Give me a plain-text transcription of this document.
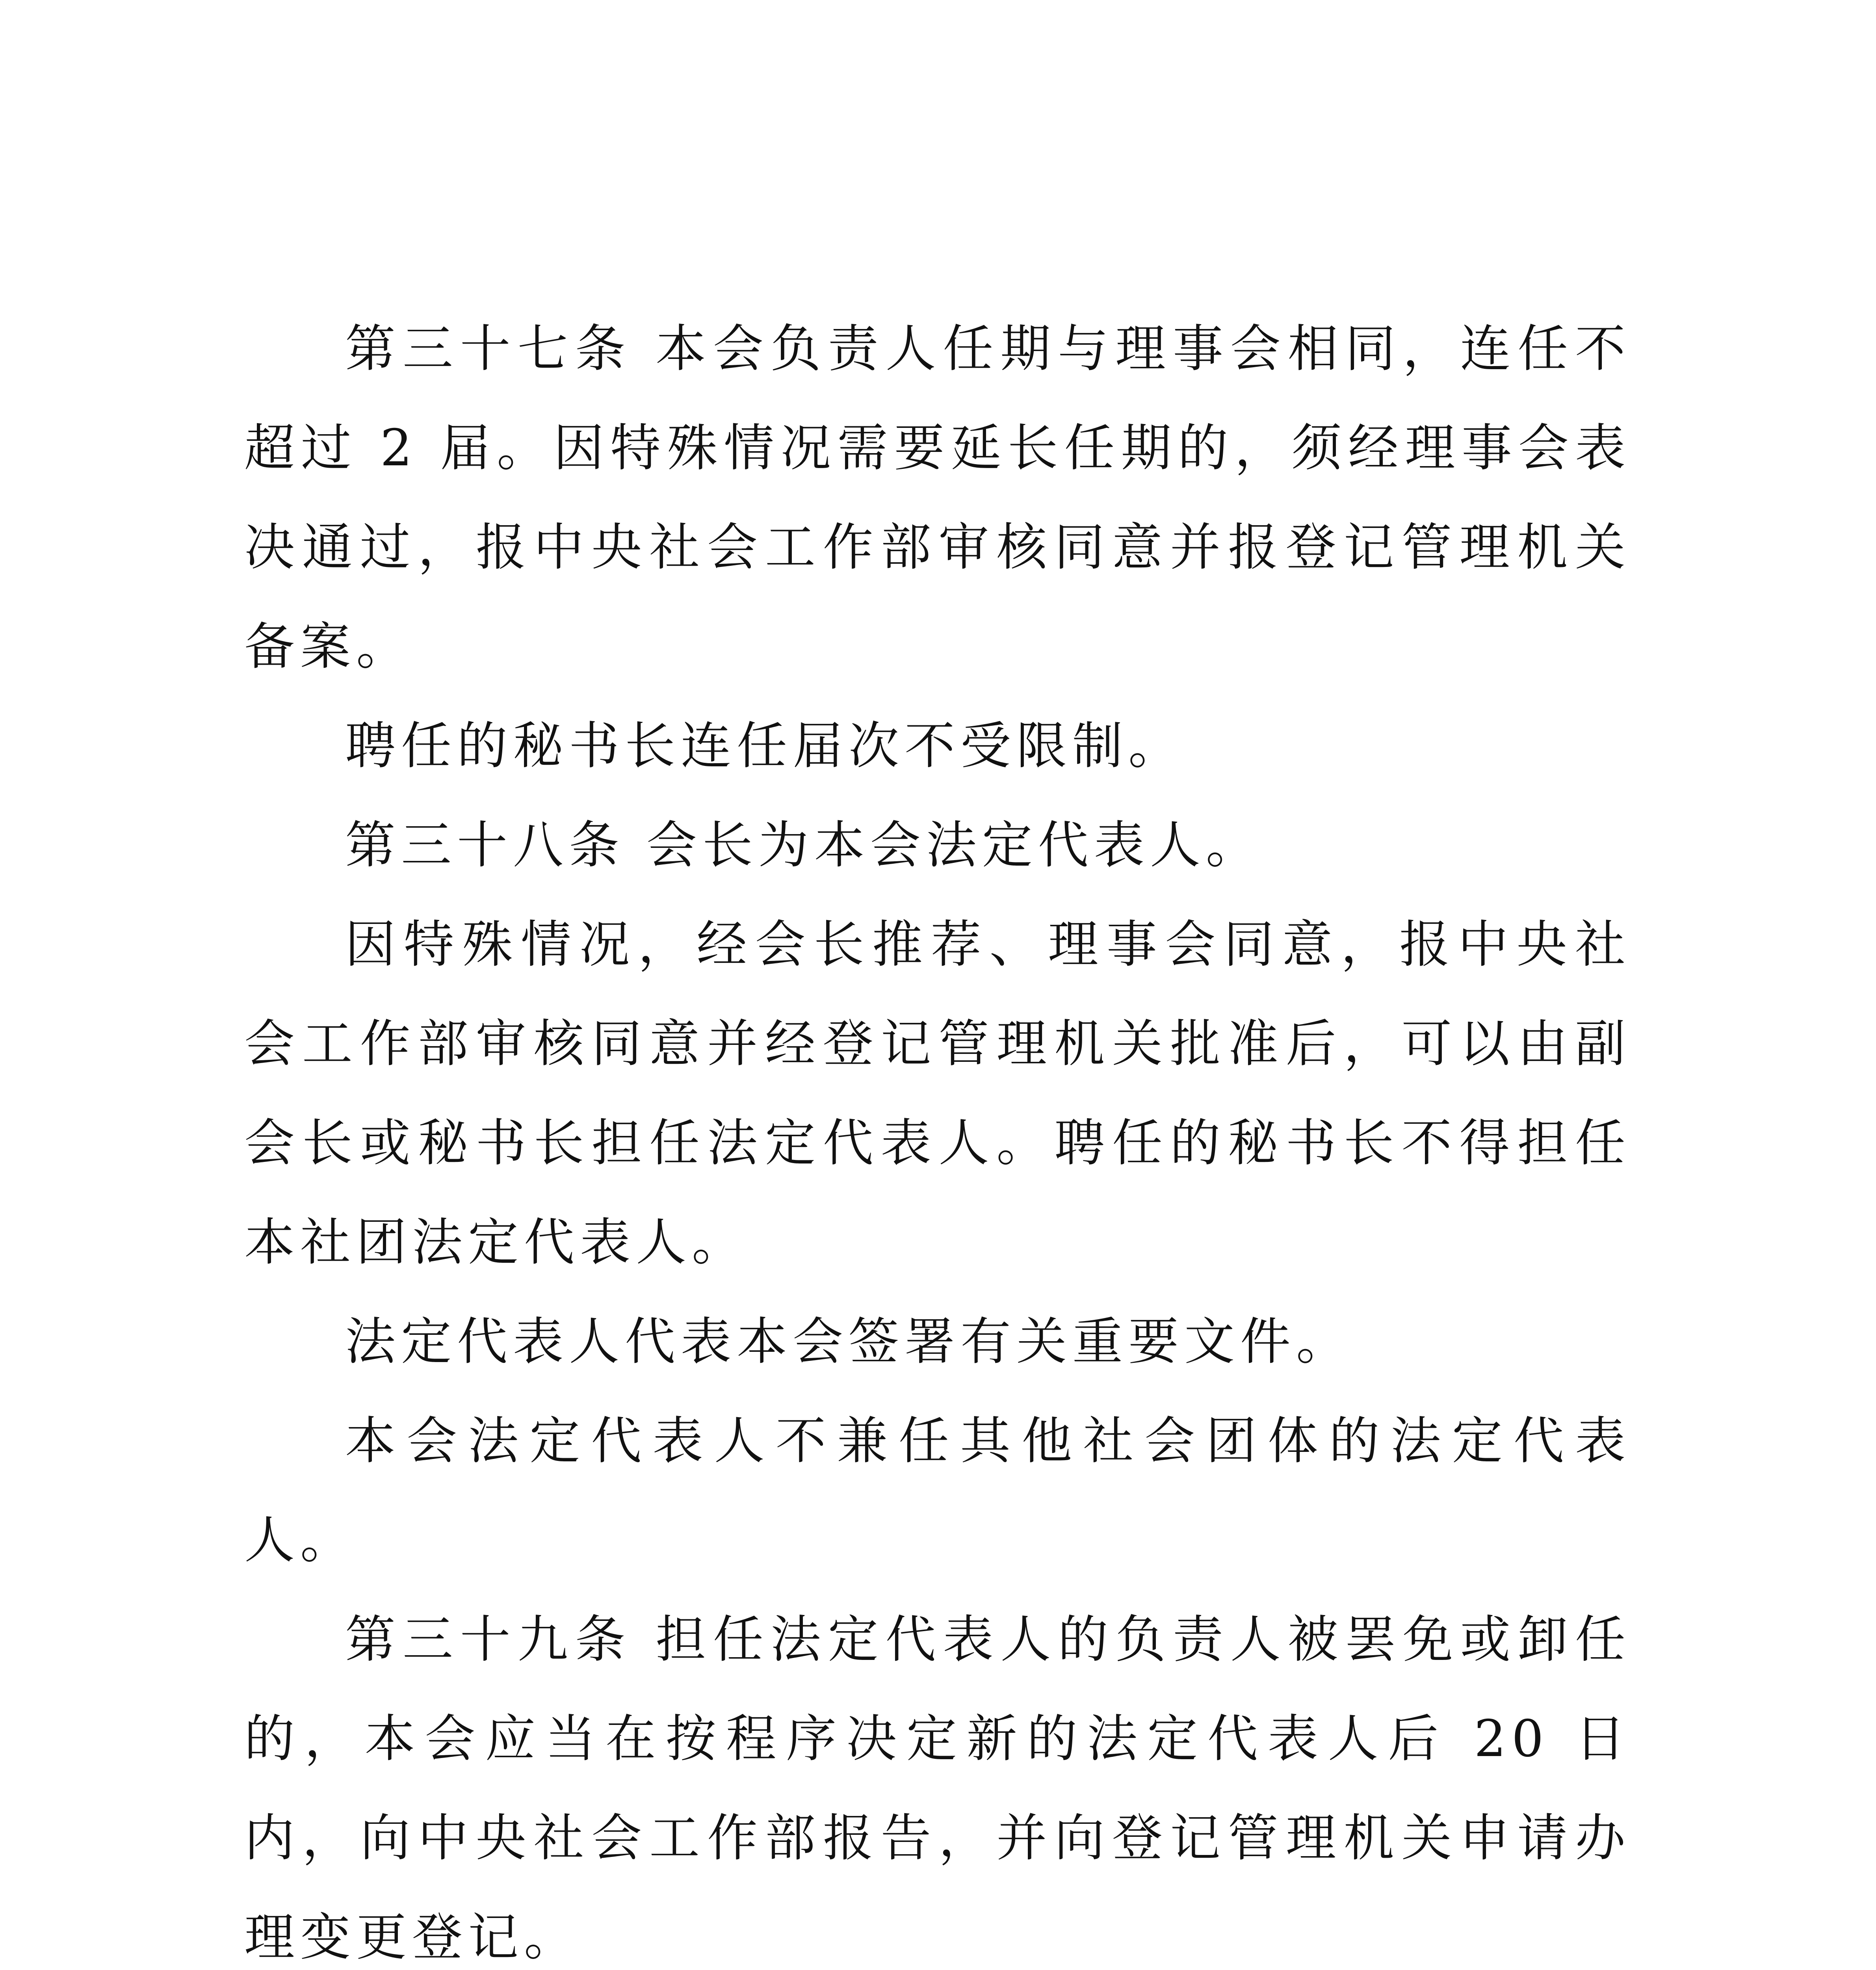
第三十七条 本会负责人任期与理事会相同，连任不超过 2 届。因特殊情况需要延长任期的，须经理事会表决通过，报中央社会工作部审核同意并报登记管理机关备案。

聘任的秘书长连任届次不受限制。

第三十八条 会长为本会法定代表人。

因特殊情况，经会长推荐、理事会同意，报中央社会工作部审核同意并经登记管理机关批准后，可以由副会长或秘书长担任法定代表人。聘任的秘书长不得担任本社团法定代表人。

法定代表人代表本会签署有关重要文件。

本会法定代表人不兼任其他社会团体的法定代表人。

第三十九条 担任法定代表人的负责人被罢免或卸任的，本会应当在按程序决定新的法定代表人后 20 日内，向中央社会工作部报告，并向登记管理机关申请办理变更登记。
